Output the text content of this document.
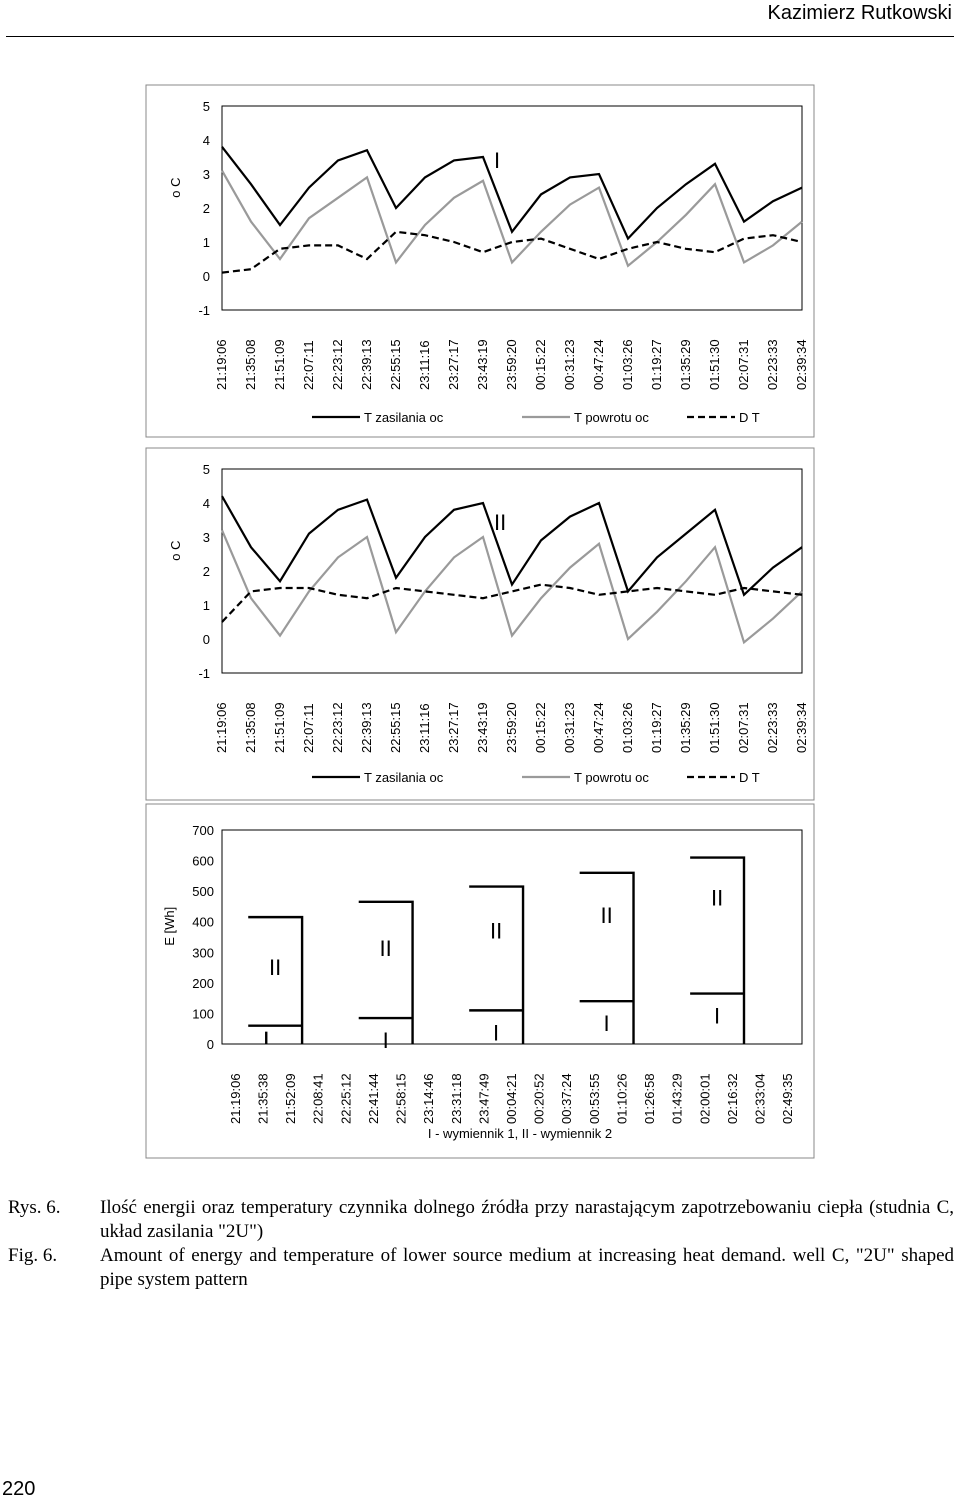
Kazimierz Rutkowski
5
4
3
2
1
0
-1
o C
21:19:06 21:35:08 21:51:09 22:07:11 22:23:12 22:39:13 22:55:15 23:11:16 23:27:17 23:43:19 23:59:20 00:15:22 00:31:23 00:47:24 01:03:26 01:19:27 01:35:29 01:51:30 02:07:31 02:23:33 02:39:34
I
T zasilania oc	T powrotu oc	D T
5
4
3
2
1
0
-1
o C
21:19:06 21:35:08 21:51:09 22:07:11 22:23:12 22:39:13 22:55:15 23:11:16 23:27:17 23:43:19 23:59:20 00:15:22 00:31:23 00:47:24 01:03:26 01:19:27 01:35:29 01:51:30 02:07:31 02:23:33 02:39:34
II
T zasilania oc	T powrotu oc	D T
700
600
500
400
300
200
100
0
E [Wh]
21:19:06 21:35:38 21:52:09 22:08:41 22:25:12 22:41:44 22:58:15 23:14:46 23:31:18 23:47:49 00:04:21 00:20:52 00:37:24 00:53:55 01:10:26 01:26:58 01:43:29 02:00:01 02:16:32 02:33:04 02:49:35
II
II
I
II
I
II
I
II
I
I - wymiennik 1, II - wymiennik 2
Rys. 6.	Ilość energii oraz temperatury czynnika dolnego źródła przy narastającym zapotrzebowaniu ciepła (studnia C, układ zasilania "2U")
Fig. 6.	Amount of energy and temperature of lower source medium at increasing heat demand. well C, "2U" shaped pipe system pattern
220
